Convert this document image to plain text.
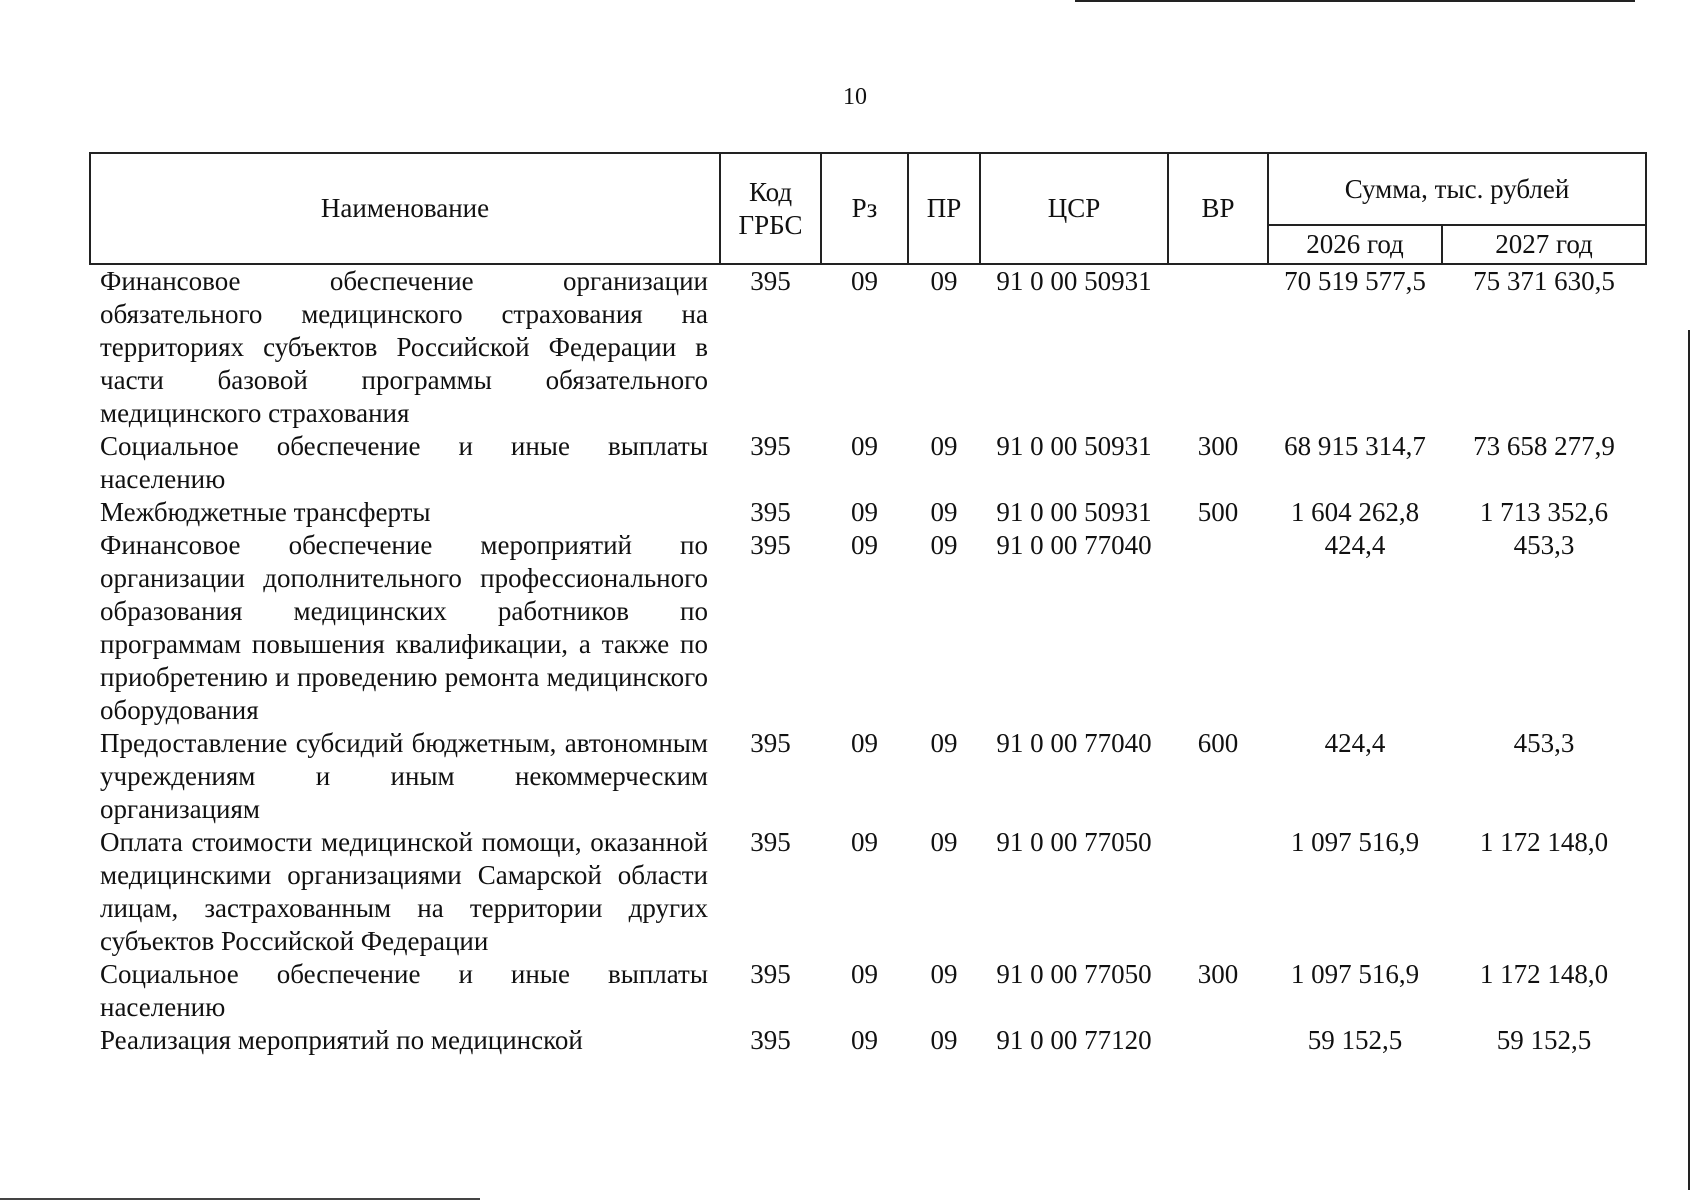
10
Наименование	Код ГРБС	Рз	ПР	ЦСР	ВР	Сумма, тыс. рублей	
						2026 год	2027 год
Финансовое обеспечение организации обязательного медицинского страхования на территориях субъектов Российской Федерации в части базовой программы обязательного медицинского страхования	395	09	09	91 0 00 50931		70 519 577,5	75 371 630,5
Социальное обеспечение и иные выплаты населению	395	09	09	91 0 00 50931	300	68 915 314,7	73 658 277,9
Межбюджетные трансферты	395	09	09	91 0 00 50931	500	1 604 262,8	1 713 352,6
Финансовое обеспечение мероприятий по организации дополнительного профессионального образования медицинских работников по программам повышения квалификации, а также по приобретению и проведению ремонта медицинского оборудования	395	09	09	91 0 00 77040		424,4	453,3
Предоставление субсидий бюджетным, автономным учреждениям и иным некоммерческим организациям	395	09	09	91 0 00 77040	600	424,4	453,3
Оплата стоимости медицинской помощи, оказанной медицинскими организациями Самарской области лицам, застрахованным на территории других субъектов Российской Федерации	395	09	09	91 0 00 77050		1 097 516,9	1 172 148,0
Социальное обеспечение и иные выплаты населению	395	09	09	91 0 00 77050	300	1 097 516,9	1 172 148,0
Реализация мероприятий по медицинской	395	09	09	91 0 00 77120		59 152,5	59 152,5
